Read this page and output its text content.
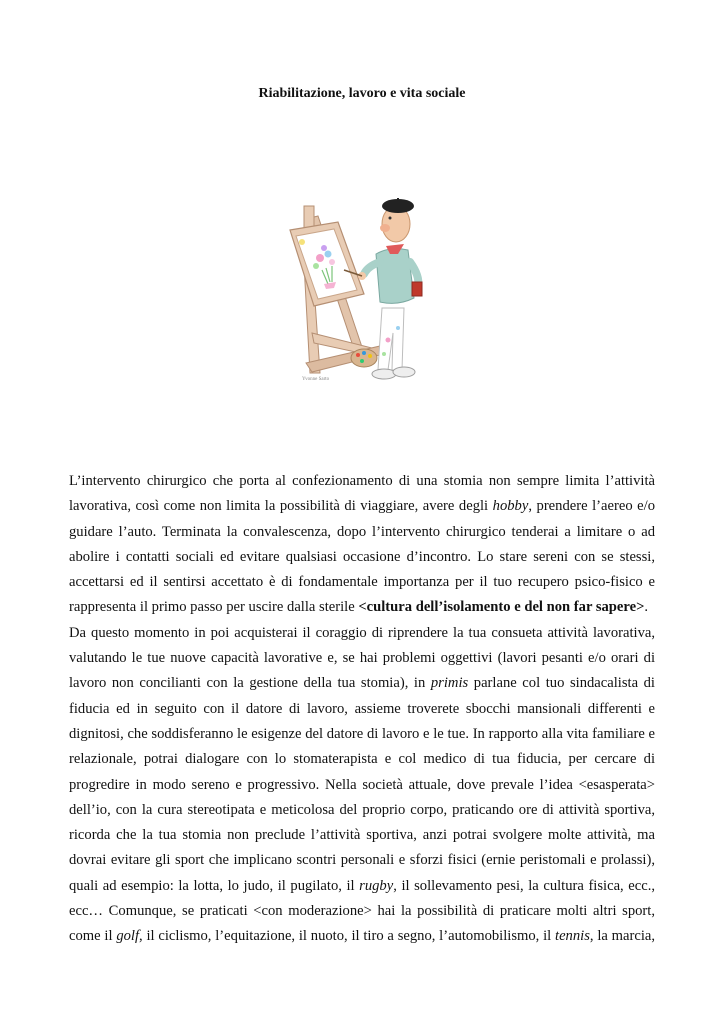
Riabilitazione, lavoro e vita sociale
Yvonne Sarto

L’intervento chirurgico che porta al confezionamento di una stomia non sempre limita l’attività lavorativa, così come non limita la possibilità di viaggiare, avere degli hobby, prendere l’aereo e/o guidare l’auto. Terminata la convalescenza, dopo l’intervento chirurgico tenderai a limitare o ad abolire i contatti sociali ed evitare qualsiasi occasione d’incontro. Lo stare sereni con se stessi, accettarsi ed il sentirsi accettato è di fondamentale importanza per il tuo recupero psico-fisico e rappresenta il primo passo per uscire dalla sterile <cultura dell’isolamento e del non far sapere>.

Da questo momento in poi acquisterai il coraggio di riprendere la tua consueta attività lavorativa, valutando le tue nuove capacità lavorative e, se hai problemi oggettivi (lavori pesanti e/o orari di lavoro non concilianti con la gestione della tua stomia), in primis parlane col tuo sindacalista di fiducia ed in seguito con il datore di lavoro, assieme troverete sbocchi mansionali differenti e dignitosi, che soddisferanno le esigenze del datore di lavoro e le tue. In rapporto alla vita familiare e relazionale, potrai dialogare con lo stomaterapista e col medico di tua fiducia, per cercare di progredire in modo sereno e progressivo. Nella società attuale, dove prevale l’idea <esasperata> dell’io, con la cura stereotipata e meticolosa del proprio corpo, praticando ore di attività sportiva, ricorda che la tua stomia non preclude l’attività sportiva, anzi potrai svolgere molte attività, ma dovrai evitare gli sport che implicano scontri personali e sforzi fisici (ernie peristomali e prolassi), quali ad esempio: la lotta, lo judo, il pugilato, il rugby, il sollevamento pesi, la cultura fisica, ecc., ecc… Comunque, se praticati <con moderazione> hai la possibilità di praticare molti altri sport, come il golf, il ciclismo, l’equitazione, il nuoto, il tiro a segno, l’automobilismo, il tennis, la marcia,
